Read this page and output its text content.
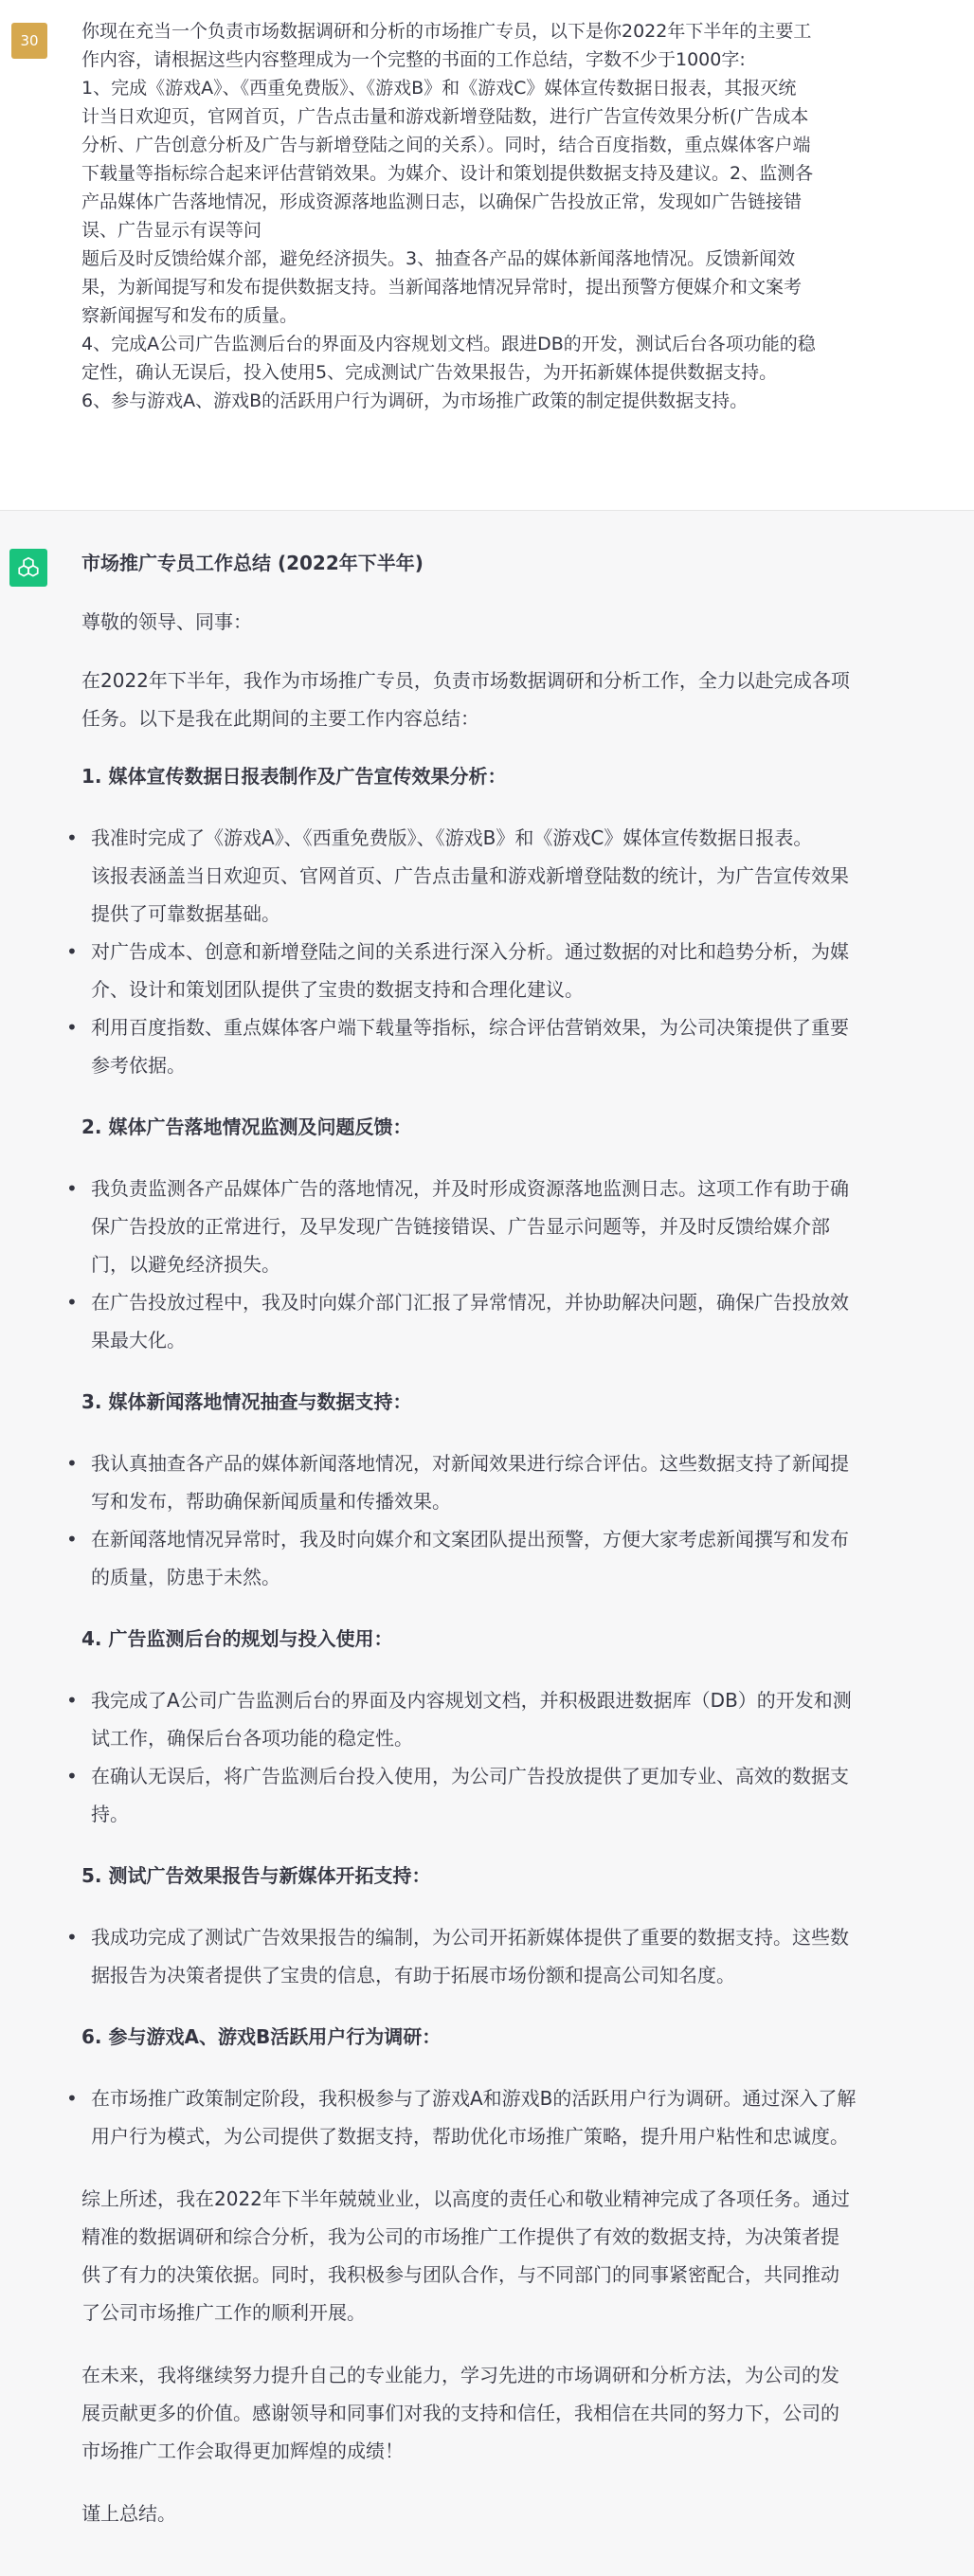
30	你现在充当一个负责市场数据调研和分析的市场推广专员，以下是你2022年下半年的主要工

作内容，请根据这些内容整理成为一个完整的书面的工作总结，字数不少于1000字:

1、完成《游戏A》、《西重免费版》、《游戏B》和《游戏C》媒体宣传数据日报表，其报灭统

计当日欢迎页，官网首页，广告点击量和游戏新增登陆数，进行广告宣传效果分析(广告成本

分析、广告创意分析及广告与新增登陆之间的关系）。同时，结合百度指数，重点媒体客户端

下载量等指标综合起来评估营销效果。为媒介、设计和策划提供数据支持及建议。2、监测各

产品媒体广告落地情况，形成资源落地监测日志，以确保广告投放正常，发现如广告链接错

误、广告显示有误等问

题后及时反馈给媒介部，避免经济损失。3、抽查各产品的媒体新闻落地情况。反馈新闻效

果，为新闻提写和发布提供数据支持。当新闻落地情况异常时，提出预警方便媒介和文案考

察新闻握写和发布的质量。

4、完成A公司广告监测后台的界面及内容规划文档。跟进DB的开发，测试后台各项功能的稳

定性，确认无误后，投入使用5、完成测试广告效果报告，为开拓新媒体提供数据支持。

6、参与游戏A、游戏B的活跃用户行为调研，为市场推广政策的制定提供数据支持。

市场推广专员工作总结 (2022年下半年)

尊敬的领导、同事：

在2022年下半年，我作为市场推广专员，负责市场数据调研和分析工作，全力以赴完成各项

任务。以下是我在此期间的主要工作内容总结：

1. 媒体宣传数据日报表制作及广告宣传效果分析：

• 我准时完成了《游戏A》、《西重免费版》、《游戏B》和《游戏C》媒体宣传数据日报表。
该报表涵盖当日欢迎页、官网首页、广告点击量和游戏新增登陆数的统计，为广告宣传效果
提供了可靠数据基础。
• 对广告成本、创意和新增登陆之间的关系进行深入分析。通过数据的对比和趋势分析，为媒
介、设计和策划团队提供了宝贵的数据支持和合理化建议。
• 利用百度指数、重点媒体客户端下载量等指标，综合评估营销效果，为公司决策提供了重要
参考依据。

2. 媒体广告落地情况监测及问题反馈：

• 我负责监测各产品媒体广告的落地情况，并及时形成资源落地监测日志。这项工作有助于确
保广告投放的正常进行，及早发现广告链接错误、广告显示问题等，并及时反馈给媒介部
门，以避免经济损失。
• 在广告投放过程中，我及时向媒介部门汇报了异常情况，并协助解决问题，确保广告投放效
果最大化。

3. 媒体新闻落地情况抽查与数据支持：

• 我认真抽查各产品的媒体新闻落地情况，对新闻效果进行综合评估。这些数据支持了新闻提
写和发布，帮助确保新闻质量和传播效果。
• 在新闻落地情况异常时，我及时向媒介和文案团队提出预警，方便大家考虑新闻撰写和发布
的质量，防患于未然。

4. 广告监测后台的规划与投入使用：

• 我完成了A公司广告监测后台的界面及内容规划文档，并积极跟进数据库（DB）的开发和测
试工作，确保后台各项功能的稳定性。
• 在确认无误后，将广告监测后台投入使用，为公司广告投放提供了更加专业、高效的数据支
持。

5. 测试广告效果报告与新媒体开拓支持：

• 我成功完成了测试广告效果报告的编制，为公司开拓新媒体提供了重要的数据支持。这些数
据报告为决策者提供了宝贵的信息，有助于拓展市场份额和提高公司知名度。

6. 参与游戏A、游戏B活跃用户行为调研：

• 在市场推广政策制定阶段，我积极参与了游戏A和游戏B的活跃用户行为调研。通过深入了解
用户行为模式，为公司提供了数据支持，帮助优化市场推广策略，提升用户粘性和忠诚度。

综上所述，我在2022年下半年兢兢业业，以高度的责任心和敬业精神完成了各项任务。通过

精准的数据调研和综合分析，我为公司的市场推广工作提供了有效的数据支持，为决策者提

供了有力的决策依据。同时，我积极参与团队合作，与不同部门的同事紧密配合，共同推动

了公司市场推广工作的顺利开展。

在未来，我将继续努力提升自己的专业能力，学习先进的市场调研和分析方法，为公司的发

展贡献更多的价值。感谢领导和同事们对我的支持和信任，我相信在共同的努力下，公司的

市场推广工作会取得更加辉煌的成绩！

谨上总结。
